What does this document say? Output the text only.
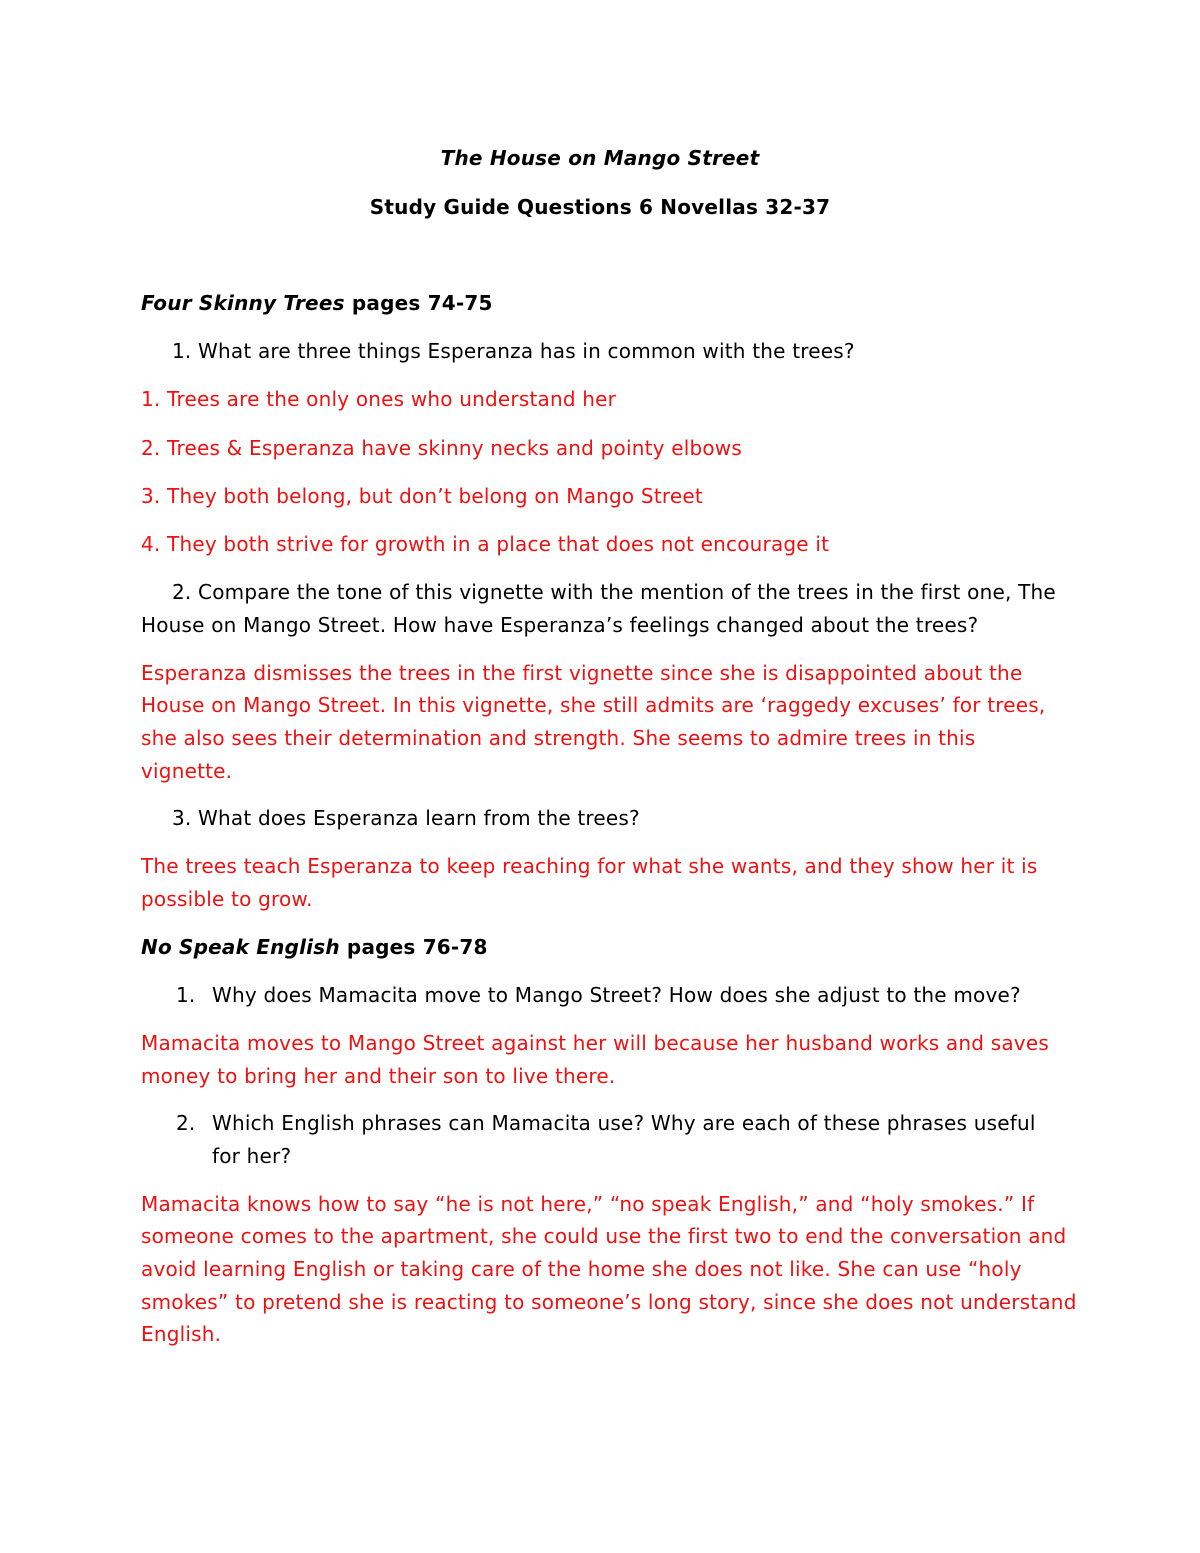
The House on Mango Street
Study Guide Questions 6 Novellas 32-37
Four Skinny Trees pages 74-75
1. What are three things Esperanza has in common with the trees?
1. Trees are the only ones who understand her
2. Trees & Esperanza have skinny necks and pointy elbows
3. They both belong, but don’t belong on Mango Street
4. They both strive for growth in a place that does not encourage it
2. Compare the tone of this vignette with the mention of the trees in the first one, The
House on Mango Street. How have Esperanza’s feelings changed about the trees?
Esperanza dismisses the trees in the first vignette since she is disappointed about the
House on Mango Street. In this vignette, she still admits are ‘raggedy excuses’ for trees,
she also sees their determination and strength. She seems to admire trees in this
vignette.
3. What does Esperanza learn from the trees?
The trees teach Esperanza to keep reaching for what she wants, and they show her it is
possible to grow.
No Speak English pages 76-78
1. Why does Mamacita move to Mango Street? How does she adjust to the move?
Mamacita moves to Mango Street against her will because her husband works and saves
money to bring her and their son to live there.
2. Which English phrases can Mamacita use? Why are each of these phrases useful
for her?
Mamacita knows how to say “he is not here,” “no speak English,” and “holy smokes.” If
someone comes to the apartment, she could use the first two to end the conversation and
avoid learning English or taking care of the home she does not like. She can use “holy
smokes” to pretend she is reacting to someone’s long story, since she does not understand
English.
